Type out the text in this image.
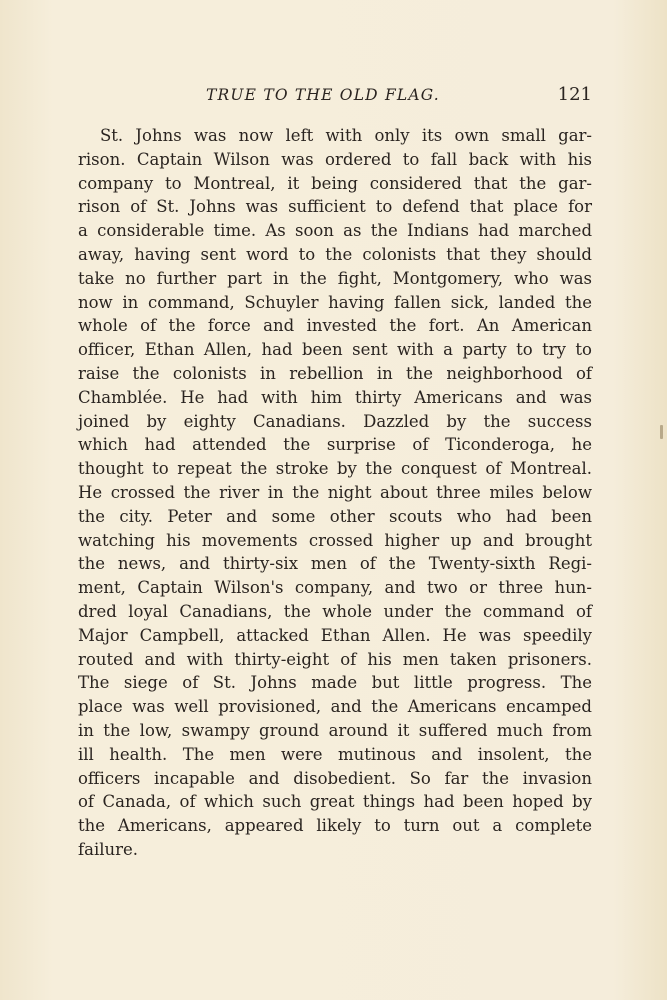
TRUE TO THE OLD FLAG.	121
St. Johns was now left with only its own small gar-
rison. Captain Wilson was ordered to fall back with his
company to Montreal, it being considered that the gar-
rison of St. Johns was sufficient to defend that place for
a considerable time. As soon as the Indians had marched
away, having sent word to the colonists that they should
take no further part in the fight, Montgomery, who was
now in command, Schuyler having fallen sick, landed the
whole of the force and invested the fort. An American
officer, Ethan Allen, had been sent with a party to try to
raise the colonists in rebellion in the neighborhood of
Chamblée. He had with him thirty Americans and was
joined by eighty Canadians. Dazzled by the success
which had attended the surprise of Ticonderoga, he
thought to repeat the stroke by the conquest of Montreal.
He crossed the river in the night about three miles below
the city. Peter and some other scouts who had been
watching his movements crossed higher up and brought
the news, and thirty-six men of the Twenty-sixth Regi-
ment, Captain Wilson's company, and two or three hun-
dred loyal Canadians, the whole under the command of
Major Campbell, attacked Ethan Allen. He was speedily
routed and with thirty-eight of his men taken prisoners.
The siege of St. Johns made but little progress. The
place was well provisioned, and the Americans encamped
in the low, swampy ground around it suffered much from
ill health. The men were mutinous and insolent, the
officers incapable and disobedient. So far the invasion
of Canada, of which such great things had been hoped by
the Americans, appeared likely to turn out a complete
failure.
